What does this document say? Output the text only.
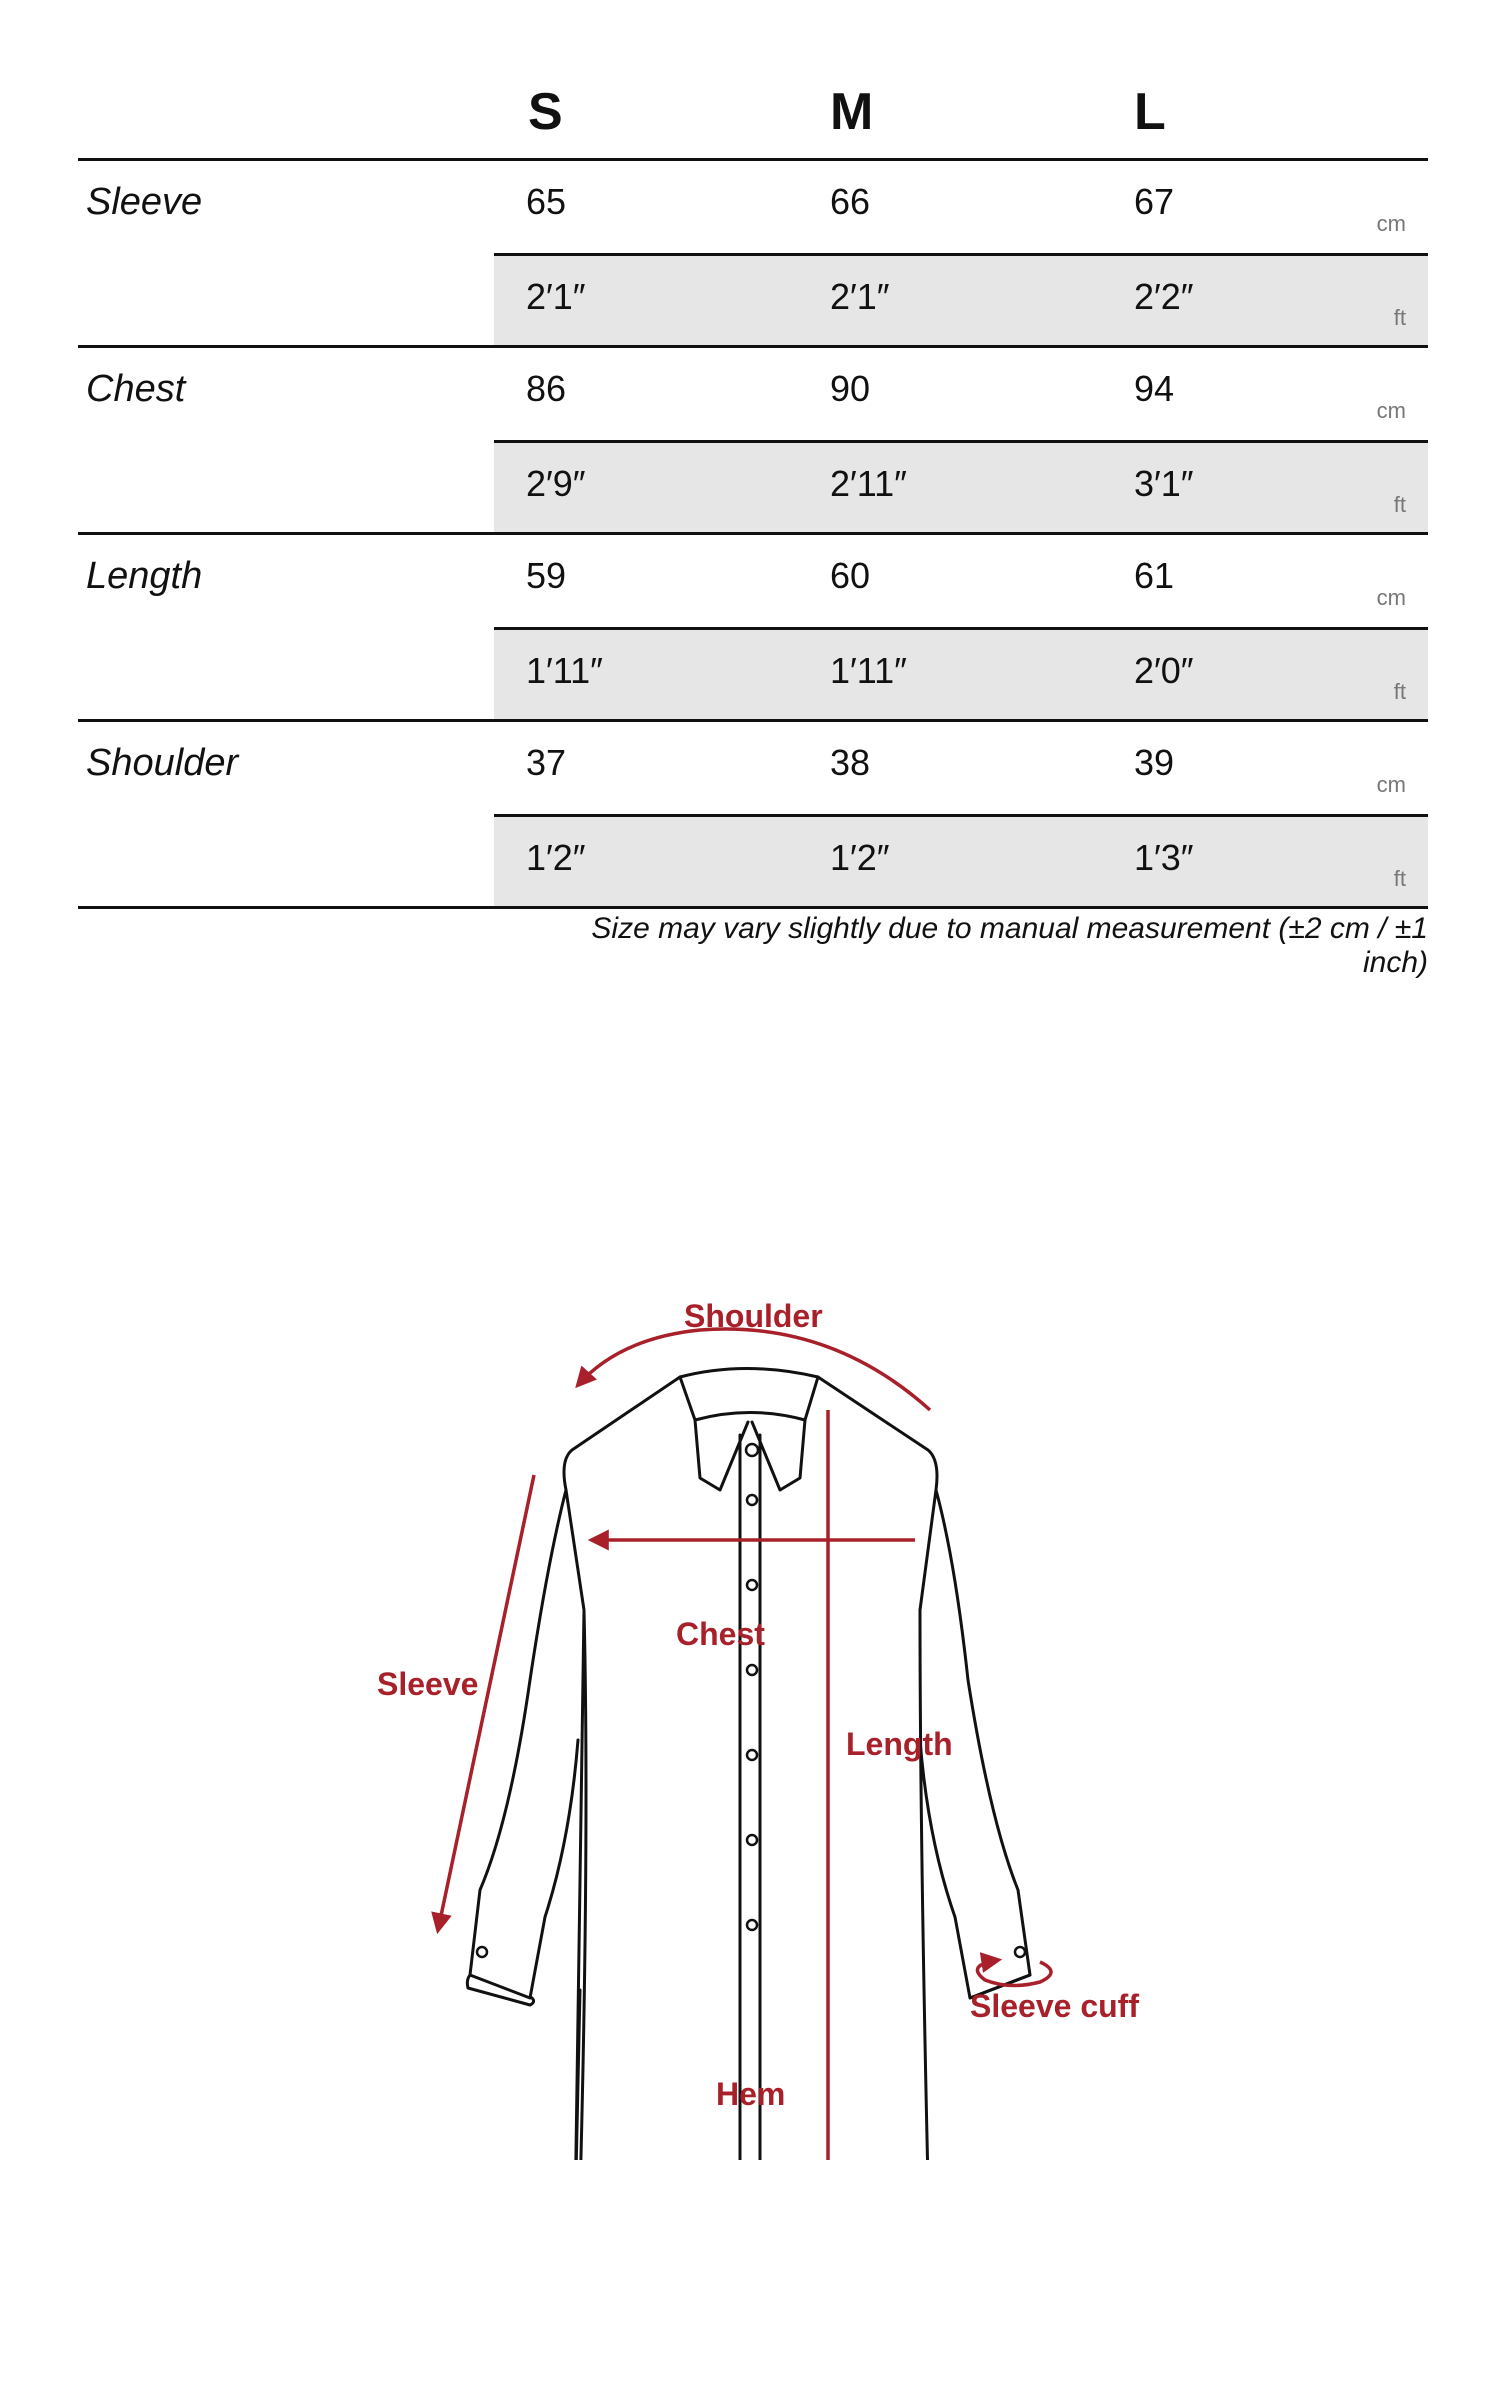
S	M	L
Sleeve	65	66	67
cm
2′1″	2′1″	2′2″
ft
Chest	86	90	94
cm
2′9″	2′11″	3′1″
ft
Length	59	60	61
cm
1′11″	1′11″	2′0″
ft
Shoulder	37	38	39
cm
1′2″	1′2″	1′3″
ft
Size may vary slightly due to manual measurement (±2 cm / ±1 inch)
Shoulder
Chest
Sleeve
Length
Sleeve cuff
Hem
